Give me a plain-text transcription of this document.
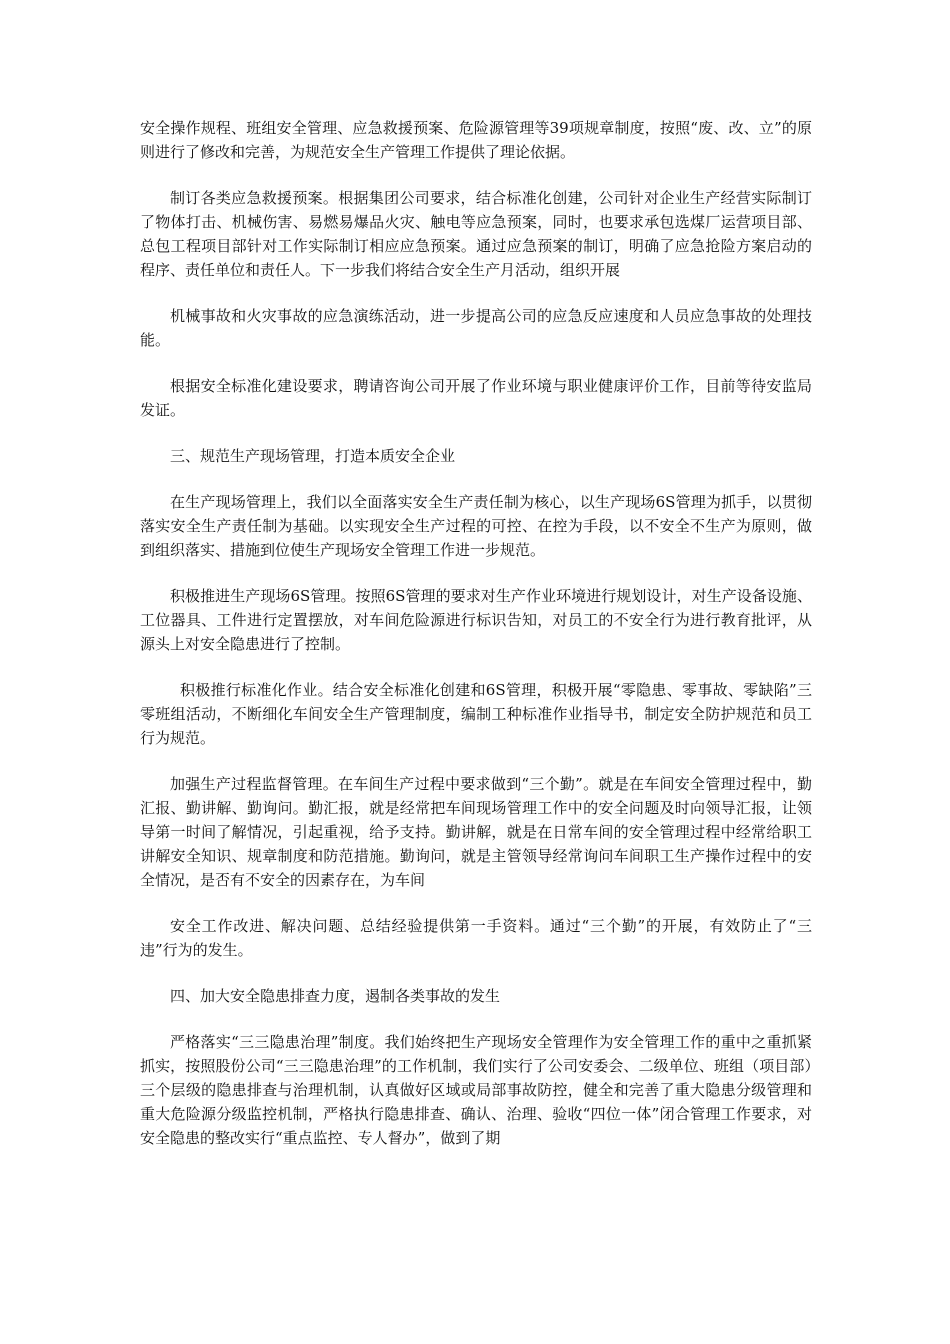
安全操作规程、班组安全管理、应急救援预案、危险源管理等39项规章制度，按照“废、改、立”的原则进行了修改和完善，为规范安全生产管理工作提供了理论依据。

制订各类应急救援预案。根据集团公司要求，结合标准化创建，公司针对企业生产经营实际制订了物体打击、机械伤害、易燃易爆品火灾、触电等应急预案，同时，也要求承包选煤厂运营项目部、总包工程项目部针对工作实际制订相应应急预案。通过应急预案的制订，明确了应急抢险方案启动的程序、责任单位和责任人。下一步我们将结合安全生产月活动，组织开展

机械事故和火灾事故的应急演练活动，进一步提高公司的应急反应速度和人员应急事故的处理技能。

根据安全标准化建设要求，聘请咨询公司开展了作业环境与职业健康评价工作，目前等待安监局发证。

三、规范生产现场管理，打造本质安全企业

在生产现场管理上，我们以全面落实安全生产责任制为核心，以生产现场6S管理为抓手，以贯彻落实安全生产责任制为基础。以实现安全生产过程的可控、在控为手段，以不安全不生产为原则，做到组织落实、措施到位使生产现场安全管理工作进一步规范。

积极推进生产现场6S管理。按照6S管理的要求对生产作业环境进行规划设计，对生产设备设施、工位器具、工件进行定置摆放，对车间危险源进行标识告知，对员工的不安全行为进行教育批评，从源头上对安全隐患进行了控制。

积极推行标准化作业。结合安全标准化创建和6S管理，积极开展“零隐患、零事故、零缺陷”三零班组活动，不断细化车间安全生产管理制度，编制工种标准作业指导书，制定安全防护规范和员工行为规范。

加强生产过程监督管理。在车间生产过程中要求做到“三个勤”。就是在车间安全管理过程中，勤汇报、勤讲解、勤询问。勤汇报，就是经常把车间现场管理工作中的安全问题及时向领导汇报，让领导第一时间了解情况，引起重视，给予支持。勤讲解，就是在日常车间的安全管理过程中经常给职工讲解安全知识、规章制度和防范措施。勤询问，就是主管领导经常询问车间职工生产操作过程中的安全情况，是否有不安全的因素存在，为车间

安全工作改进、解决问题、总结经验提供第一手资料。通过“三个勤”的开展，有效防止了“三违”行为的发生。

四、加大安全隐患排查力度，遏制各类事故的发生

严格落实“三三隐患治理”制度。我们始终把生产现场安全管理作为安全管理工作的重中之重抓紧抓实，按照股份公司“三三隐患治理”的工作机制，我们实行了公司安委会、二级单位、班组（项目部）三个层级的隐患排查与治理机制，认真做好区域或局部事故防控，健全和完善了重大隐患分级管理和重大危险源分级监控机制，严格执行隐患排查、确认、治理、验收“四位一体”闭合管理工作要求，对安全隐患的整改实行“重点监控、专人督办”，做到了期
